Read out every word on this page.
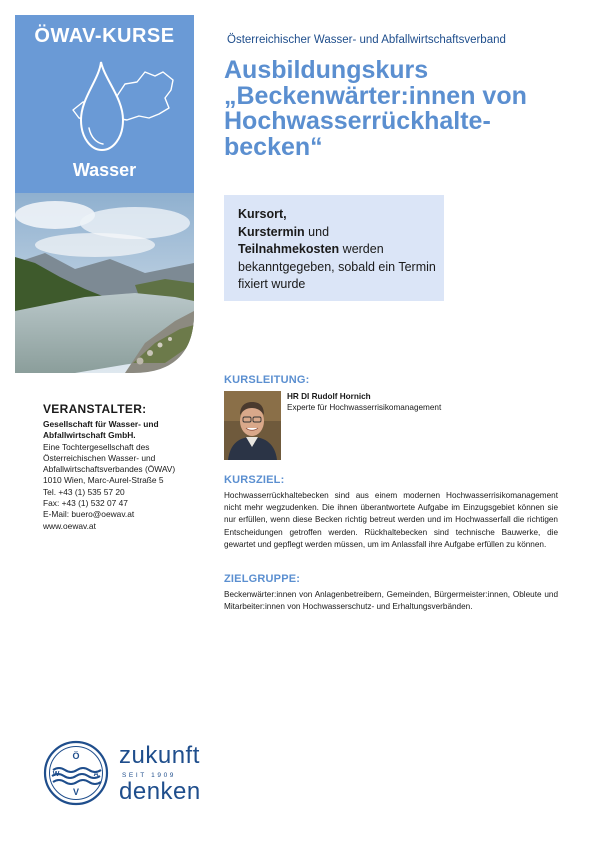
ÖWAV-KURSE
Wasser
VERANSTALTER:
Gesellschaft für Wasser- und
Abfallwirtschaft GmbH.
Eine Tochtergesellschaft des
Österreichischen Wasser- und
Abfallwirtschaftsverbandes (ÖWAV)
1010 Wien, Marc-Aurel-Straße 5
Tel. +43 (1) 535 57 20
Fax: +43 (1) 532 07 47
E-Mail: buero@oewav.at
www.oewav.at
Österreichischer Wasser- und Abfallwirtschaftsverband
Ausbildungskurs
„Beckenwärter:innen von
Hochwasserrückhalte-
becken“
Kursort,
Kurstermin und
Teilnahmekosten werden bekanntgegeben, sobald ein Termin fixiert wurde
KURSLEITUNG:
HR DI Rudolf Hornich
Experte für Hochwasserrisikomanagement
KURSZIEL:
Hochwasserrückhaltebecken sind aus einem modernen Hochwasserrisikomanagement nicht mehr wegzudenken. Die ihnen überantwortete Aufgabe im Einzugsgebiet können sie nur erfüllen, wenn diese Becken richtig betreut werden und im Hochwasserfall die richtigen Entscheidungen getroffen werden. Rückhaltebecken sind technische Bauwerke, die gewartet und gepflegt werden müssen, um im Anlassfall ihre Aufgabe erfüllen zu können.
ZIELGRUPPE:
Beckenwärter:innen von Anlagenbetreibern, Gemeinden, Bürgermeister:innen, Obleute und Mitarbeiter:innen von Hochwasserschutz- und Erhaltungsverbänden.
Ö
W	A
V
zukunft
SEIT 1909
denken
